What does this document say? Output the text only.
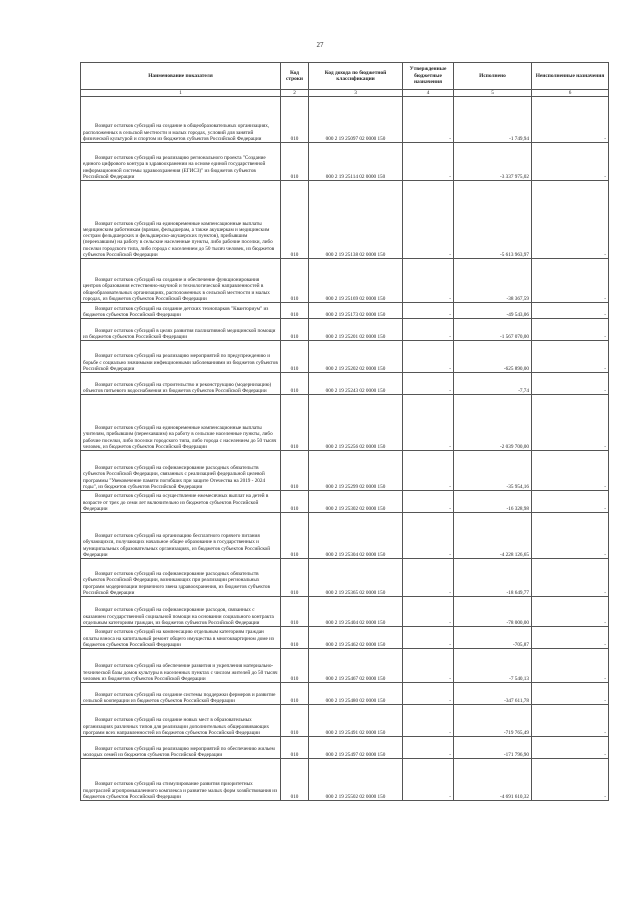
27
Наименование показателя	Код строки	Код дохода по бюджетной классификации	Утвержденные бюджетные назначения	Исполнено	Неисполненные назначения
1	2	3	4	5	6

Возврат остатков субсидий на создание в общеобразовательных организациях, расположенных в сельской местности и малых городах, условий для занятий физической культурой и спортом из бюджетов субъектов Российской Федерации	010	000 2 19 25097 02 0000 150	-	-1 749,94	-

Возврат остатков субсидий на реализацию регионального проекта "Создание единого цифрового контура в здравоохранении на основе единой государственной информационной системы здравоохранения (ЕГИСЗ)" из бюджетов субъектов Российской Федерации	010	000 2 19 25114 02 0000 150	-	-3 337 975,02	-

Возврат остатков субсидий на единовременные компенсационные выплаты медицинским работникам (врачам, фельдшерам, а также акушеркам и медицинским сестрам фельдшерских и фельдшерско-акушерских пунктов), прибывшим (переехавшим) на работу в сельские населенные пункты, либо рабочие поселки, либо поселки городского типа, либо города с населением до 50 тысяч человек, из бюджетов субъектов Российской Федерации	010	000 2 19 25138 02 0000 150	-	-5 613 963,97	-

Возврат остатков субсидий на создание и обеспечение функционирования центров образования естественно-научной и технологической направленностей в общеобразовательных организациях, расположенных в сельской местности и малых городах, из бюджетов субъектов Российской Федерации	010	000 2 19 25169 02 0000 150	-	-38 367,59	-

Возврат остатков субсидий на создание детских технопарков "Кванториум" из бюджетов субъектов Российской Федерации	010	000 2 19 25173 02 0000 150	-	-49 543,06	-

Возврат остатков субсидий в целях развития паллиативной медицинской помощи из бюджетов субъектов Российской Федерации	010	000 2 19 25201 02 0000 150	-	-1 567 070,00	-

Возврат остатков субсидий на реализацию мероприятий по предупреждению и борьбе с социально значимыми инфекционными заболеваниями из бюджетов субъектов Российской Федерации	010	000 2 19 25202 02 0000 150	-	-625 890,00	-

Возврат остатков субсидий на строительство и реконструкцию (модернизацию) объектов питьевого водоснабжения из бюджетов субъектов Российской Федерации	010	000 2 19 25243 02 0000 150	-	-7,74	-

Возврат остатков субсидий на единовременные компенсационные выплаты учителям, прибывшим (переехавшим) на работу в сельские населенные пункты, либо рабочие поселки, либо поселки городского типа, либо города с населением до 50 тысяч человек, из бюджетов субъектов Российской Федерации	010	000 2 19 25256 02 0000 150	-	-2 039 700,00	-

Возврат остатков субсидий на софинансирование расходных обязательств субъектов Российской Федерации, связанных с реализацией федеральной целевой программы "Увековечение памяти погибших при защите Отечества на 2019 - 2024 годы", из бюджетов субъектов Российской Федерации	010	000 2 19 25299 02 0000 150	-	-35 954,16	-

Возврат остатков субсидий на осуществление ежемесячных выплат на детей в возрасте от трех до семи лет включительно из бюджетов субъектов Российской Федерации	010	000 2 19 25302 02 0000 150	-	-16 328,98	-

Возврат остатков субсидий на организацию бесплатного горячего питания обучающихся, получающих начальное общее образование в государственных и муниципальных образовательных организациях, из бюджетов субъектов Российской Федерации	010	000 2 19 25304 02 0000 150	-	-4 228 126,65	-

Возврат остатков субсидий на софинансирование расходных обязательств субъектов Российской Федерации, возникающих при реализации региональных программ модернизации первичного звена здравоохранения, из бюджетов субъектов Российской Федерации	010	000 2 19 25365 02 0000 150	-	-18 649,77	-

Возврат остатков субсидий на софинансирование расходов, связанных с оказанием государственной социальной помощи на основании социального контракта отдельным категориям граждан, из бюджетов субъектов Российской Федерации	010	000 2 19 25404 02 0000 150	-	-78 000,00	-

Возврат остатков субсидий на компенсацию отдельным категориям граждан оплаты взноса на капитальный ремонт общего имущества в многоквартирном доме из бюджетов субъектов Российской Федерации	010	000 2 19 25462 02 0000 150	-	-705,87	-

Возврат остатков субсидий на обеспечение развития и укрепления материально-технической базы домов культуры в населенных пунктах с числом жителей до 50 тысяч человек из бюджетов субъектов Российской Федерации	010	000 2 19 25467 02 0000 150	-	-7 540,13	-

Возврат остатков субсидий на создание системы поддержки фермеров и развитие сельской кооперации из бюджетов субъектов Российской Федерации	010	000 2 19 25480 02 0000 150	-	-347 611,78	-

Возврат остатков субсидий на создание новых мест в образовательных организациях различных типов для реализации дополнительных общеразвивающих программ всех направленностей из бюджетов субъектов Российской Федерации	010	000 2 19 25491 02 0000 150	-	-719 765,49	-

Возврат остатков субсидий на реализацию мероприятий по обеспечению жильем молодых семей из бюджетов субъектов Российской Федерации	010	000 2 19 25497 02 0000 150	-	-171 796,90	-

Возврат остатков субсидий на стимулирование развития приоритетных подотраслей агропромышленного комплекса и развитие малых форм хозяйствования из бюджетов субъектов Российской Федерации	010	000 2 19 25502 02 0000 150	-	-4 691 610,32	-
